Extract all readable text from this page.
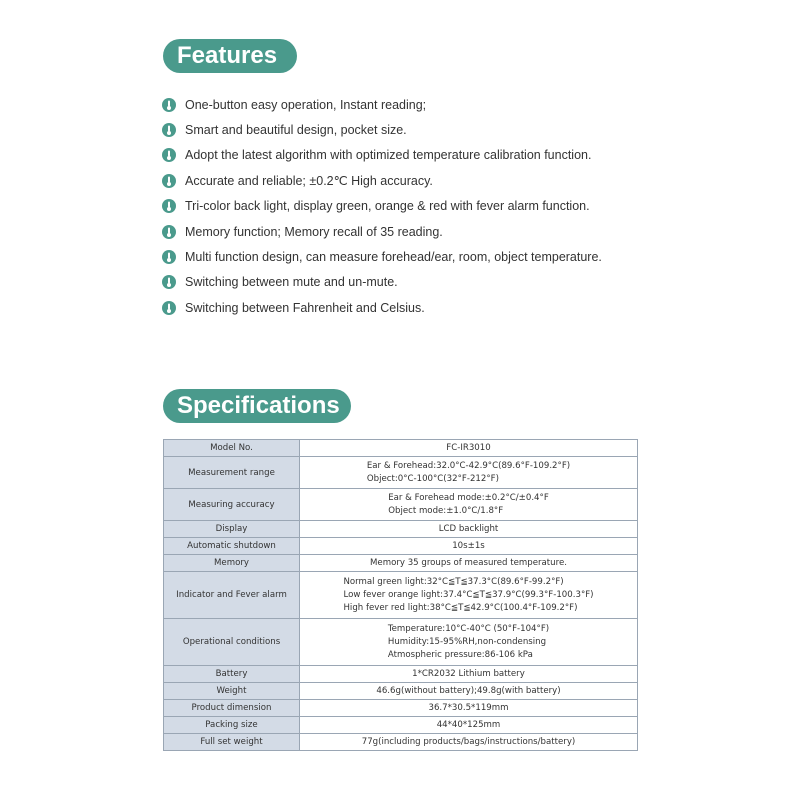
Features
One-button easy operation, Instant reading;
Smart and beautiful design, pocket size.
Adopt the latest algorithm with optimized temperature calibration function.
Accurate and reliable; ±0.2℃ High accuracy.
Tri-color back light, display green, orange & red with fever alarm function.
Memory function; Memory recall of 35 reading.
Multi function design, can measure forehead/ear, room, object temperature.
Switching between mute and un-mute.
Switching between Fahrenheit and Celsius.
Specifications
Model No.	FC-IR3010

Measurement range	Ear & Forehead:32.0°C-42.9°C(89.6°F-109.2°F)
Object:0°C-100°C(32°F-212°F)

Measuring accuracy	Ear & Forehead mode:±0.2°C/±0.4°F
Object mode:±1.0°C/1.8°F

Display	LCD backlight

Automatic shutdown	10s±1s

Memory	Memory 35 groups of measured temperature.

Indicator and Fever alarm	Normal green light:32°C≦T≦37.3°C(89.6°F-99.2°F)
Low fever orange light:37.4°C≦T≦37.9°C(99.3°F-100.3°F)
High fever red light:38°C≦T≦42.9°C(100.4°F-109.2°F)

Operational conditions	Temperature:10°C-40°C (50°F-104°F)
Humidity:15-95%RH,non-condensing
Atmospheric pressure:86-106 kPa

Battery	1*CR2032 Lithium battery

Weight	46.6g(without battery);49.8g(with battery)

Product dimension	36.7*30.5*119mm

Packing size	44*40*125mm

Full set weight	77g(including products/bags/instructions/battery)
